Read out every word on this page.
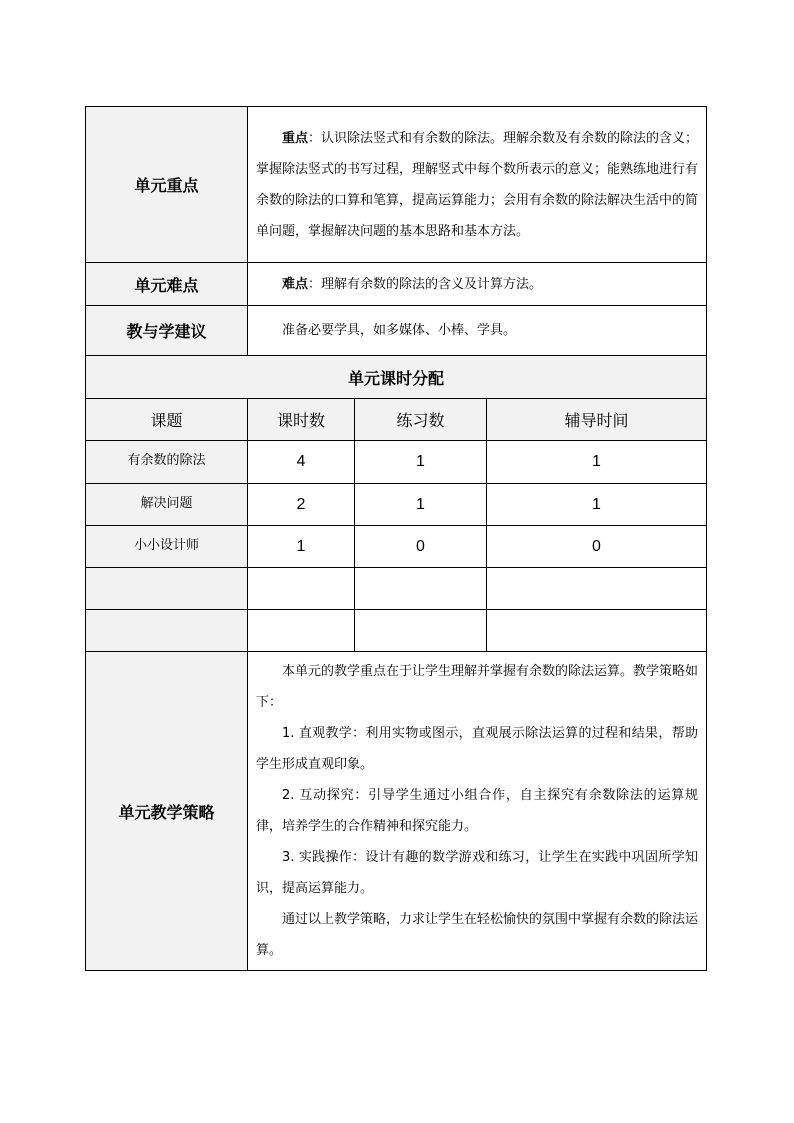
单元重点	重点：认识除法竖式和有余数的除法。理解余数及有余数的除法的含义；掌握除法竖式的书写过程，理解竖式中每个数所表示的意义；能熟练地进行有余数的除法的口算和笔算，提高运算能力；会用有余数的除法解决生活中的简单问题，掌握解决问题的基本思路和基本方法。		
单元难点	难点：理解有余数的除法的含义及计算方法。		
教与学建议	准备必要学具，如多媒体、小棒、学具。		
单元课时分配			
课题	课时数	练习数	辅导时间
有余数的除法	4	1	1
解决问题	2	1	1
小小设计师	1	0	0

单元教学策略	本单元的教学重点在于让学生理解并掌握有余数的除法运算。教学策略如下：

1. 直观教学：利用实物或图示，直观展示除法运算的过程和结果，帮助学生形成直观印象。

2. 互动探究：引导学生通过小组合作，自主探究有余数除法的运算规律，培养学生的合作精神和探究能力。

3. 实践操作：设计有趣的数学游戏和练习，让学生在实践中巩固所学知识，提高运算能力。

通过以上教学策略，力求让学生在轻松愉快的氛围中掌握有余数的除法运算。		
